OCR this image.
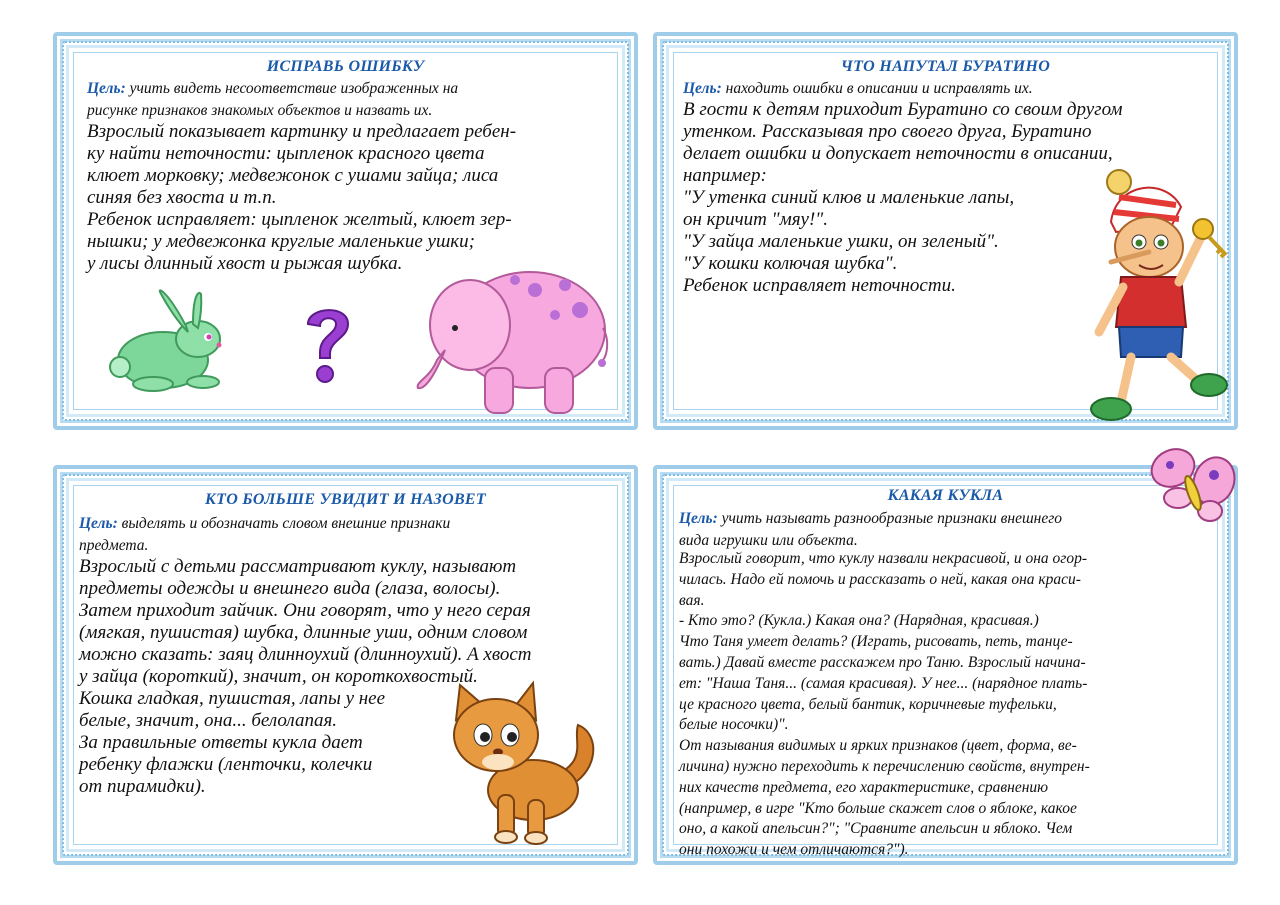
ИСПРАВЬ ОШИБКУ
Цель: учить видеть несоответствие изображенных на
рисунке признаков знакомых объектов и назвать их.
Взрослый показывает картинку и предлагает ребен-
ку найти неточности: цыпленок красного цвета
клюет морковку; медвежонок с ушами зайца; лиса
синяя без хвоста и т.п.
Ребенок исправляет: цыпленок желтый, клюет зер-
нышки; у медвежонка круглые маленькие ушки;
у лисы длинный хвост и рыжая шубка.
ЧТО НАПУТАЛ БУРАТИНО
Цель: находить ошибки в описании и исправлять их.
В гости к детям приходит Буратино со своим другом
утенком. Рассказывая про своего друга, Буратино
делает ошибки и допускает неточности в описании,
например:
"У утенка синий клюв и маленькие лапы,
он кричит "мяу!".
"У зайца маленькие ушки, он зеленый".
"У кошки колючая шубка".
Ребенок исправляет неточности.
КТО БОЛЬШЕ УВИДИТ И НАЗОВЕТ
Цель: выделять и обозначать словом внешние признаки
предмета.
Взрослый с детьми рассматривают куклу, называют
предметы одежды и внешнего вида (глаза, волосы).
Затем приходит зайчик. Они говорят, что у него серая
(мягкая, пушистая) шубка, длинные уши, одним словом
можно сказать: заяц длинноухий (длинноухий). А хвост
у зайца (короткий), значит, он короткохвостый.
Кошка гладкая, пушистая, лапы у нее
белые, значит, она... белолапая.
За правильные ответы кукла дает
ребенку флажки (ленточки, колечки
от пирамидки).
КАКАЯ КУКЛА
Цель: учить называть разнообразные признаки внешнего
вида игрушки или объекта.
Взрослый говорит, что куклу назвали некрасивой, и она огор-
чилась. Надо ей помочь и рассказать о ней, какая она краси-
вая.
- Кто это? (Кукла.) Какая она? (Нарядная, красивая.)
Что Таня умеет делать? (Играть, рисовать, петь, танце-
вать.) Давай вместе расскажем про Таню. Взрослый начина-
ет: "Наша Таня... (самая красивая). У нее... (нарядное плать-
це красного цвета, белый бантик, коричневые туфельки,
белые носочки)".
От называния видимых и ярких признаков (цвет, форма, ве-
личина) нужно переходить к перечислению свойств, внутрен-
них качеств предмета, его характеристике, сравнению
(например, в игре "Кто больше скажет слов о яблоке, какое
оно, а какой апельсин?"; "Сравните апельсин и яблоко. Чем
они похожи и чем отличаются?").
